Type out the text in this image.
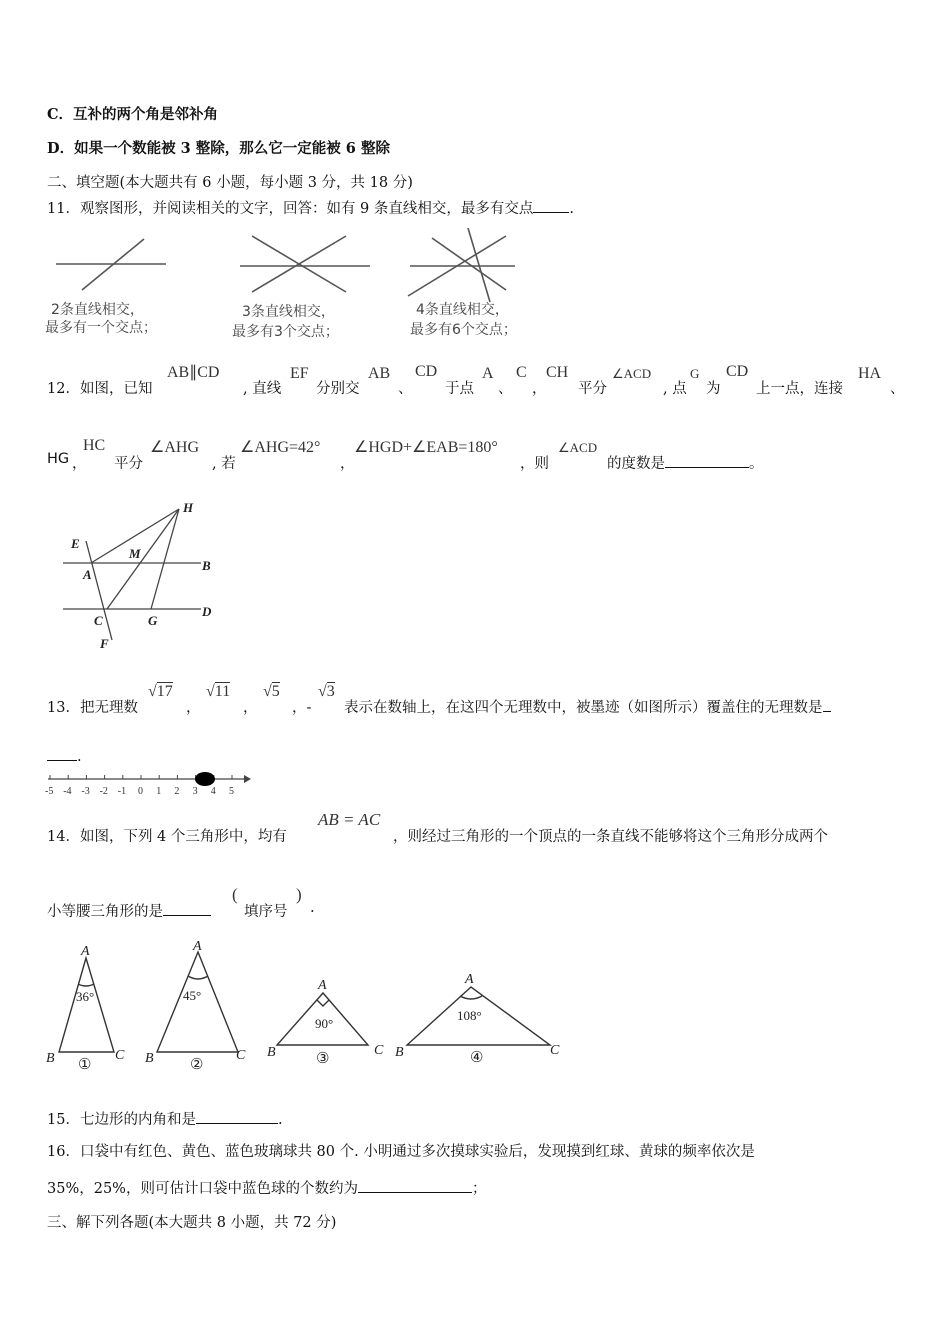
C．互补的两个角是邻补角
D．如果一个数能被 3 整除，那么它一定能被 6 整除
二、填空题(本大题共有 6 小题，每小题 3 分，共 18 分)
11．观察图形，并阅读相关的文字，回答：如有 9 条直线相交，最多有交点 .
2条直线相交，
最多有一个交点；
3条直线相交，
最多有3个交点；
4条直线相交，
最多有6个交点；
12．如图，已知
AB∥CD
, 直线
EF
分别交
AB
、
CD
于点
A
、
C
，
CH
平分
∠ACD
, 点
G
为
CD
上一点，连接
HA
、
HG ，
HC
平分
∠AHG
, 若
∠AHG=42°
，
∠HGD+∠EAB=180°
，则
∠ACD
的度数是	。
H
E
M
A
B
C	G
D
F
13．把无理数
√17
，
√11
，
√5
，-
√3
表示在数轴上，在这四个无理数中，被墨迹（如图所示）覆盖住的无理数是
.
-5 -4 -3 -2 -1 0 1 2 3 4 5
14．如图，下列 4 个三角形中，均有
AB = AC
，则经过三角形的一个顶点的一条直线不能够将这个三角形分成两个
小等腰三角形的是
(
填序号
)
.
A
B	C
A
B	C
A
B	C
A
B	C
36°	45°
90°
108°
①	②	③	④
15．七边形的内角和是	.
16．口袋中有红色、黄色、蓝色玻璃球共 80 个. 小明通过多次摸球实验后，发现摸到红球、黄球的频率依次是
35%，25%，则可估计口袋中蓝色球的个数约为	；
三、解下列各题(本大题共 8 小题，共 72 分)
